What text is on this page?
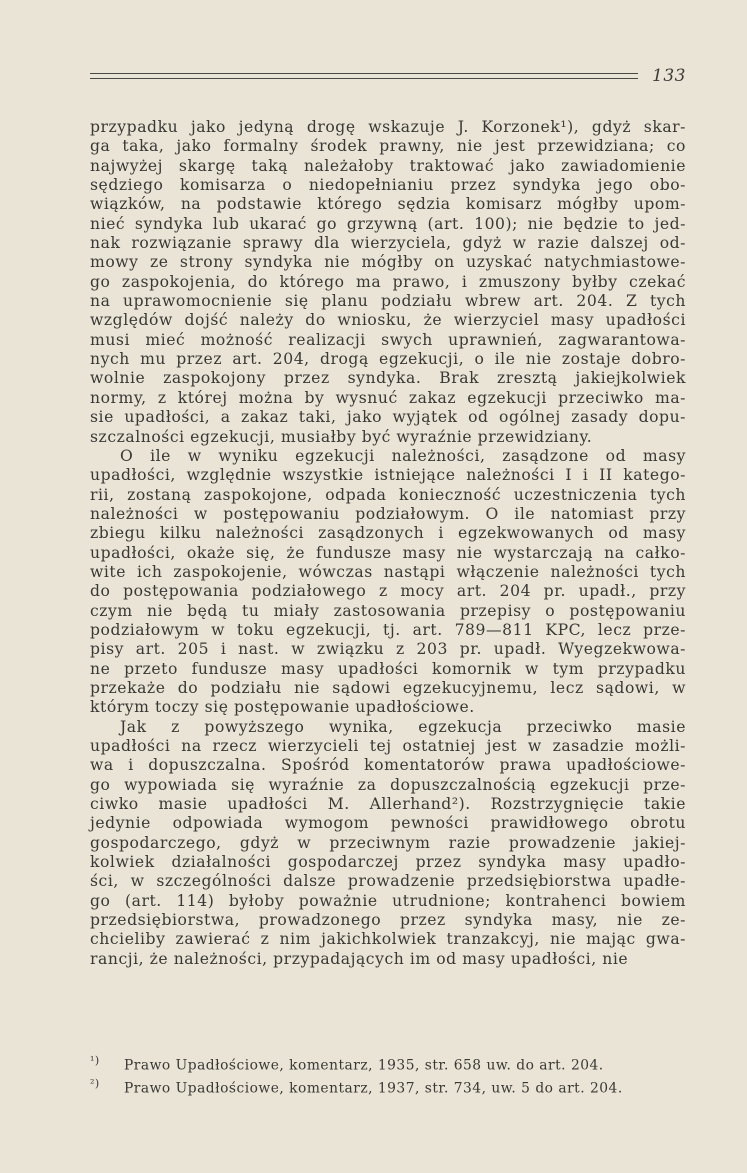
133
przypadku jako jedyną drogę wskazuje J. Korzonek¹), gdyż skar-
ga taka, jako formalny środek prawny, nie jest przewidziana; co
najwyżej skargę taką należałoby traktować jako zawiadomienie
sędziego komisarza o niedopełnianiu przez syndyka jego obo-
wiązków, na podstawie którego sędzia komisarz mógłby upom-
nieć syndyka lub ukarać go grzywną (art. 100); nie będzie to jed-
nak rozwiązanie sprawy dla wierzyciela, gdyż w razie dalszej od-
mowy ze strony syndyka nie mógłby on uzyskać natychmiastowe-
go zaspokojenia, do którego ma prawo, i zmuszony byłby czekać
na uprawomocnienie się planu podziału wbrew art. 204. Z tych
względów dojść należy do wniosku, że wierzyciel masy upadłości
musi mieć możność realizacji swych uprawnień, zagwarantowa-
nych mu przez art. 204, drogą egzekucji, o ile nie zostaje dobro-
wolnie zaspokojony przez syndyka. Brak zresztą jakiejkolwiek
normy, z której można by wysnuć zakaz egzekucji przeciwko ma-
sie upadłości, a zakaz taki, jako wyjątek od ogólnej zasady dopu-
szczalności egzekucji, musiałby być wyraźnie przewidziany.
O ile w wyniku egzekucji należności, zasądzone od masy
upadłości, względnie wszystkie istniejące należności I i II katego-
rii, zostaną zaspokojone, odpada konieczność uczestniczenia tych
należności w postępowaniu podziałowym. O ile natomiast przy
zbiegu kilku należności zasądzonych i egzekwowanych od masy
upadłości, okaże się, że fundusze masy nie wystarczają na całko-
wite ich zaspokojenie, wówczas nastąpi włączenie należności tych
do postępowania podziałowego z mocy art. 204 pr. upadł., przy
czym nie będą tu miały zastosowania przepisy o postępowaniu
podziałowym w toku egzekucji, tj. art. 789—811 KPC, lecz prze-
pisy art. 205 i nast. w związku z 203 pr. upadł. Wyegzekwowa-
ne przeto fundusze masy upadłości komornik w tym przypadku
przekaże do podziału nie sądowi egzekucyjnemu, lecz sądowi, w
którym toczy się postępowanie upadłościowe.
Jak z powyższego wynika, egzekucja przeciwko masie
upadłości na rzecz wierzycieli tej ostatniej jest w zasadzie możli-
wa i dopuszczalna. Spośród komentatorów prawa upadłościowe-
go wypowiada się wyraźnie za dopuszczalnością egzekucji prze-
ciwko masie upadłości M. Allerhand²). Rozstrzygnięcie takie
jedynie odpowiada wymogom pewności prawidłowego obrotu
gospodarczego, gdyż w przeciwnym razie prowadzenie jakiej-
kolwiek działalności gospodarczej przez syndyka masy upadło-
ści, w szczególności dalsze prowadzenie przedsiębiorstwa upadłe-
go (art. 114) byłoby poważnie utrudnione; kontrahenci bowiem
przedsiębiorstwa, prowadzonego przez syndyka masy, nie ze-
chcieliby zawierać z nim jakichkolwiek tranzakcyj, nie mając gwa-
rancji, że należności, przypadających im od masy upadłości, nie
¹) Prawo Upadłościowe, komentarz, 1935, str. 658 uw. do art. 204.
²) Prawo Upadłościowe, komentarz, 1937, str. 734, uw. 5 do art. 204.
